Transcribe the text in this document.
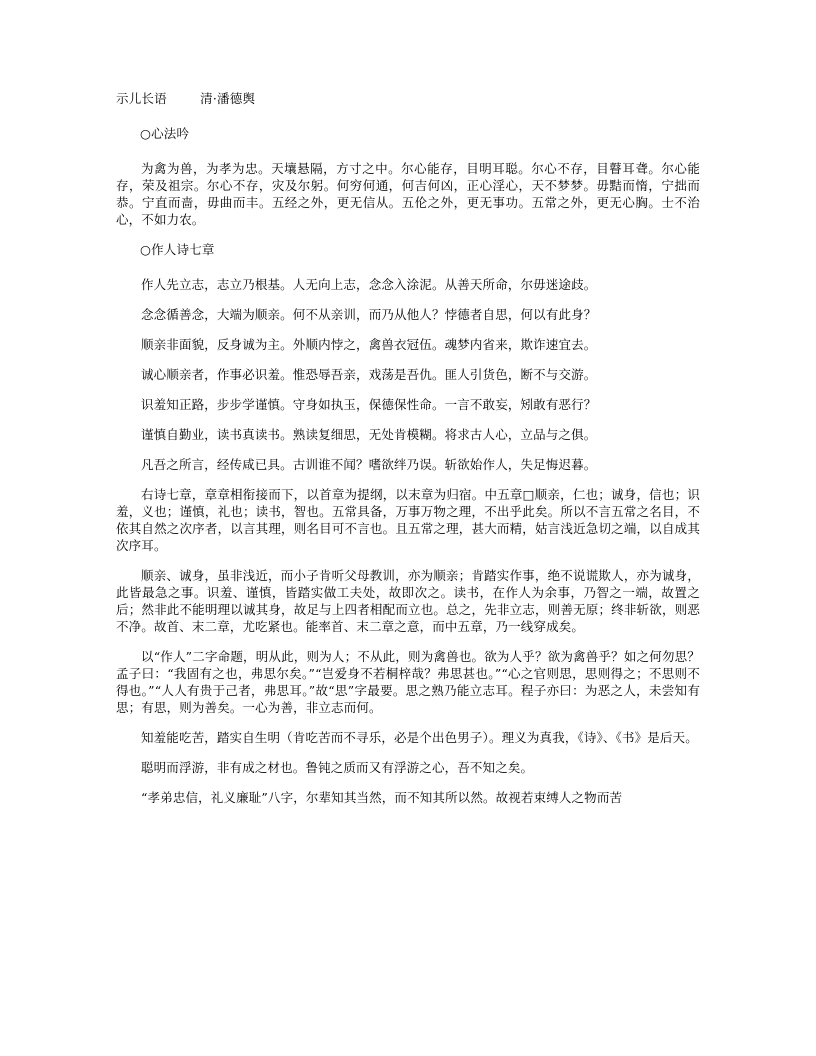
示儿长语        清·潘德舆
○心法吟

为禽为兽，为孝为忠。天壤悬隔，方寸之中。尔心能存，目明耳聪。尔心不存，目瞽耳聋。尔心能存，荣及祖宗。尔心不存，灾及尔躬。何穷何通，何吉何凶，正心淫心，天不梦梦。毋黠而惰，宁拙而恭。宁直而啬，毋曲而丰。五经之外，更无信从。五伦之外，更无事功。五常之外，更无心胸。士不治心，不如力农。

○作人诗七章

作人先立志，志立乃根基。人无向上志，念念入涂泥。从善天所命，尔毋迷途歧。

念念循善念，大端为顺亲。何不从亲训，而乃从他人？悖德者自思，何以有此身？

顺亲非面貌，反身诚为主。外顺内悖之，禽兽衣冠伍。魂梦内省来，欺诈速宜去。

诚心顺亲者，作事必识羞。惟恐辱吾亲，戏荡是吾仇。匪人引货色，断不与交游。

识羞知正路，步步学谨慎。守身如执玉，保德保性命。一言不敢妄，矧敢有恶行？

谨慎自勤业，读书真读书。熟读复细思，无处肯模糊。将求古人心，立品与之俱。

凡吾之所言，经传咸已具。古训谁不闻？嗜欲绊乃误。斩欲始作人，失足悔迟暮。

右诗七章，章章相衔接而下，以首章为提纲，以末章为归宿。中五章□顺亲，仁也；诚身，信也；识羞，义也；谨慎，礼也；读书，智也。五常具备，万事万物之理，不出乎此矣。所以不言五常之名目，不依其自然之次序者，以言其理，则名目可不言也。且五常之理，甚大而精，姑言浅近急切之端，以自成其次序耳。

顺亲、诚身，虽非浅近，而小子肯听父母教训，亦为顺亲；肯踏实作事，绝不说谎欺人，亦为诚身，此皆最急之事。识羞、谨慎，皆踏实做工夫处，故即次之。读书，在作人为余事，乃智之一端，故置之后；然非此不能明理以诚其身，故足与上四者相配而立也。总之，先非立志，则善无原；终非斩欲，则恶不净。故首、末二章，尤吃紧也。能率首、末二章之意，而中五章，乃一线穿成矣。

以“作人”二字命题，明从此，则为人；不从此，则为禽兽也。欲为人乎？欲为禽兽乎？如之何勿思？孟子曰：“我固有之也，弗思尔矣。”“岂爱身不若桐梓哉？弗思甚也。”“心之官则思，思则得之；不思则不得也。”“人人有贵于己者，弗思耳。”故“思”字最要。思之熟乃能立志耳。程子亦曰：为恶之人，未尝知有思；有思，则为善矣。一心为善，非立志而何。

知羞能吃苦，踏实自生明（肯吃苦而不寻乐，必是个出色男子）。理义为真我，《诗》、《书》是后天。

聪明而浮游，非有成之材也。鲁钝之质而又有浮游之心，吾不知之矣。

“孝弟忠信，礼义廉耻”八字，尔辈知其当然，而不知其所以然。故视若束缚人之物而苦
